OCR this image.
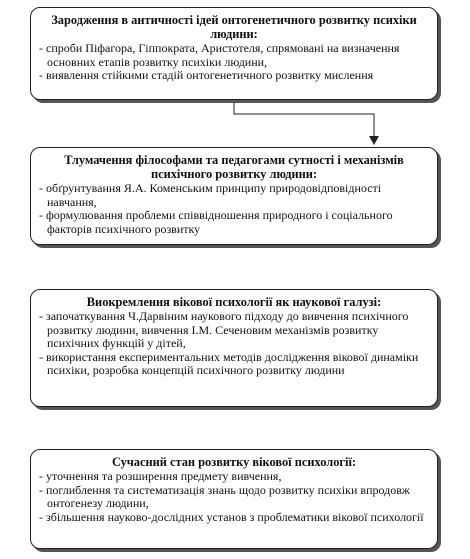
Зародження в античності ідей онтогенетичного розвитку психіки людини:
- спроби Піфагора, Гіппократа, Аристотеля, спрямовані на визначення основних етапів розвитку психіки людини,
- виявлення стійкими стадій онтогенетичного розвитку мислення
Тлумачення філософами та педагогами сутності і механізмів психічного розвитку людини:
- обґрунтування Я.А. Коменським принципу природовідповідності навчання,
- формулювання проблеми співвідношення природного і соціального факторів психічного розвитку
Виокремлення вікової психології як наукової галузі:
- започаткування Ч.Дарвіним наукового підходу до вивчення психічного розвитку людини, вивчення І.М. Сеченовим механізмів розвитку психічних функцій у дітей,
- використання експериментальних методів дослідження вікової динаміки психіки, розробка концепцій психічного розвитку людини
Сучасний стан розвитку вікової психології:
- уточнення та розширення предмету вивчення,
- поглиблення та систематизація знань щодо розвитку психіки впродовж онтогенезу людини,
- збільшення науково-дослідних установ з проблематики вікової психології
